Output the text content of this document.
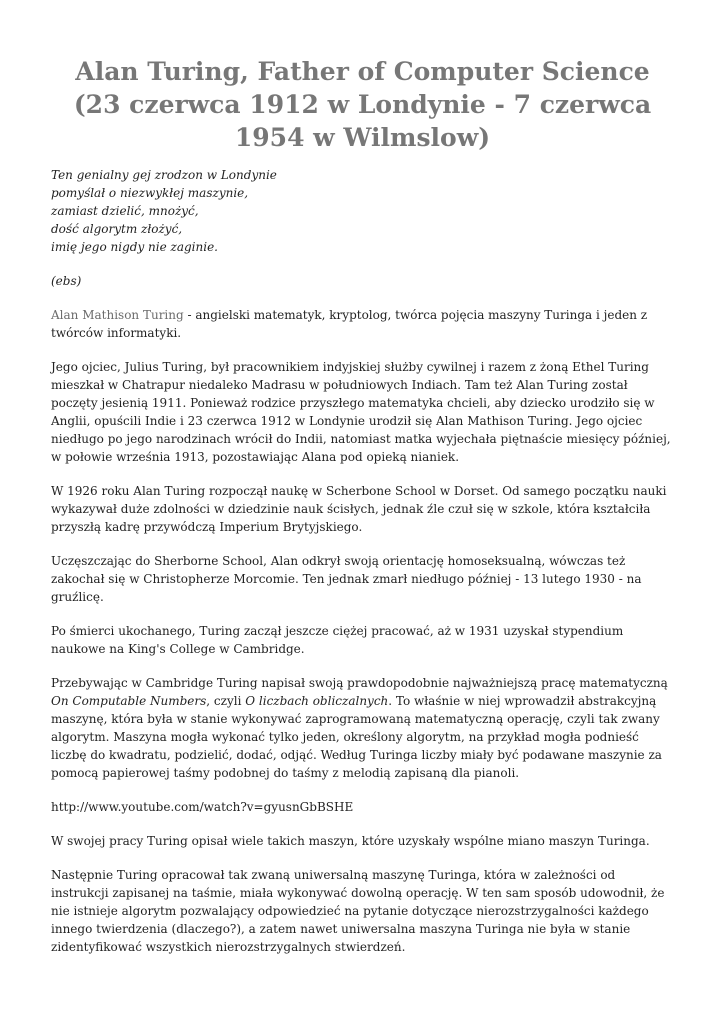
Alan Turing, Father of Computer Science (23 czerwca 1912 w Londynie - 7 czerwca 1954 w Wilmslow)
Ten genialny gej zrodzon w Londynie
pomyślał o niezwykłej maszynie,
zamiast dzielić, mnożyć,
dość algorytm złożyć,
imię jego nigdy nie zaginie.

(ebs)

Alan Mathison Turing - angielski matematyk, kryptolog, twórca pojęcia maszyny Turinga i jeden z twórców informatyki.

Jego ojciec, Julius Turing, był pracownikiem indyjskiej służby cywilnej i razem z żoną Ethel Turing mieszkał w Chatrapur niedaleko Madrasu w południowych Indiach. Tam też Alan Turing został poczęty jesienią 1911. Ponieważ rodzice przyszłego matematyka chcieli, aby dziecko urodziło się w Anglii, opuścili Indie i 23 czerwca 1912 w Londynie urodził się Alan Mathison Turing. Jego ojciec niedługo po jego narodzinach wrócił do Indii, natomiast matka wyjechała piętnaście miesięcy później, w połowie września 1913, pozostawiając Alana pod opieką nianiek.

W 1926 roku Alan Turing rozpoczął naukę w Scherbone School w Dorset. Od samego początku nauki wykazywał duże zdolności w dziedzinie nauk ścisłych, jednak źle czuł się w szkole, która kształciła przyszłą kadrę przywódczą Imperium Brytyjskiego.

Uczęszczając do Sherborne School, Alan odkrył swoją orientację homoseksualną, wówczas też zakochał się w Christopherze Morcomie. Ten jednak zmarł niedługo później - 13 lutego 1930 - na gruźlicę.

Po śmierci ukochanego, Turing zaczął jeszcze ciężej pracować, aż w 1931 uzyskał stypendium naukowe na King's College w Cambridge.

Przebywając w Cambridge Turing napisał swoją prawdopodobnie najważniejszą pracę matematyczną On Computable Numbers, czyli O liczbach obliczalnych. To właśnie w niej wprowadził abstrakcyjną maszynę, która była w stanie wykonywać zaprogramowaną matematyczną operację, czyli tak zwany algorytm. Maszyna mogła wykonać tylko jeden, określony algorytm, na przykład mogła podnieść liczbę do kwadratu, podzielić, dodać, odjąć. Według Turinga liczby miały być podawane maszynie za pomocą papierowej taśmy podobnej do taśmy z melodią zapisaną dla pianoli.

http://www.youtube.com/watch?v=gyusnGbBSHE

W swojej pracy Turing opisał wiele takich maszyn, które uzyskały wspólne miano maszyn Turinga.

Następnie Turing opracował tak zwaną uniwersalną maszynę Turinga, która w zależności od instrukcji zapisanej na taśmie, miała wykonywać dowolną operację. W ten sam sposób udowodnił, że nie istnieje algorytm pozwalający odpowiedzieć na pytanie dotyczące nierozstrzygalności każdego innego twierdzenia (dlaczego?), a zatem nawet uniwersalna maszyna Turinga nie była w stanie zidentyfikować wszystkich nierozstrzygalnych stwierdzeń.
